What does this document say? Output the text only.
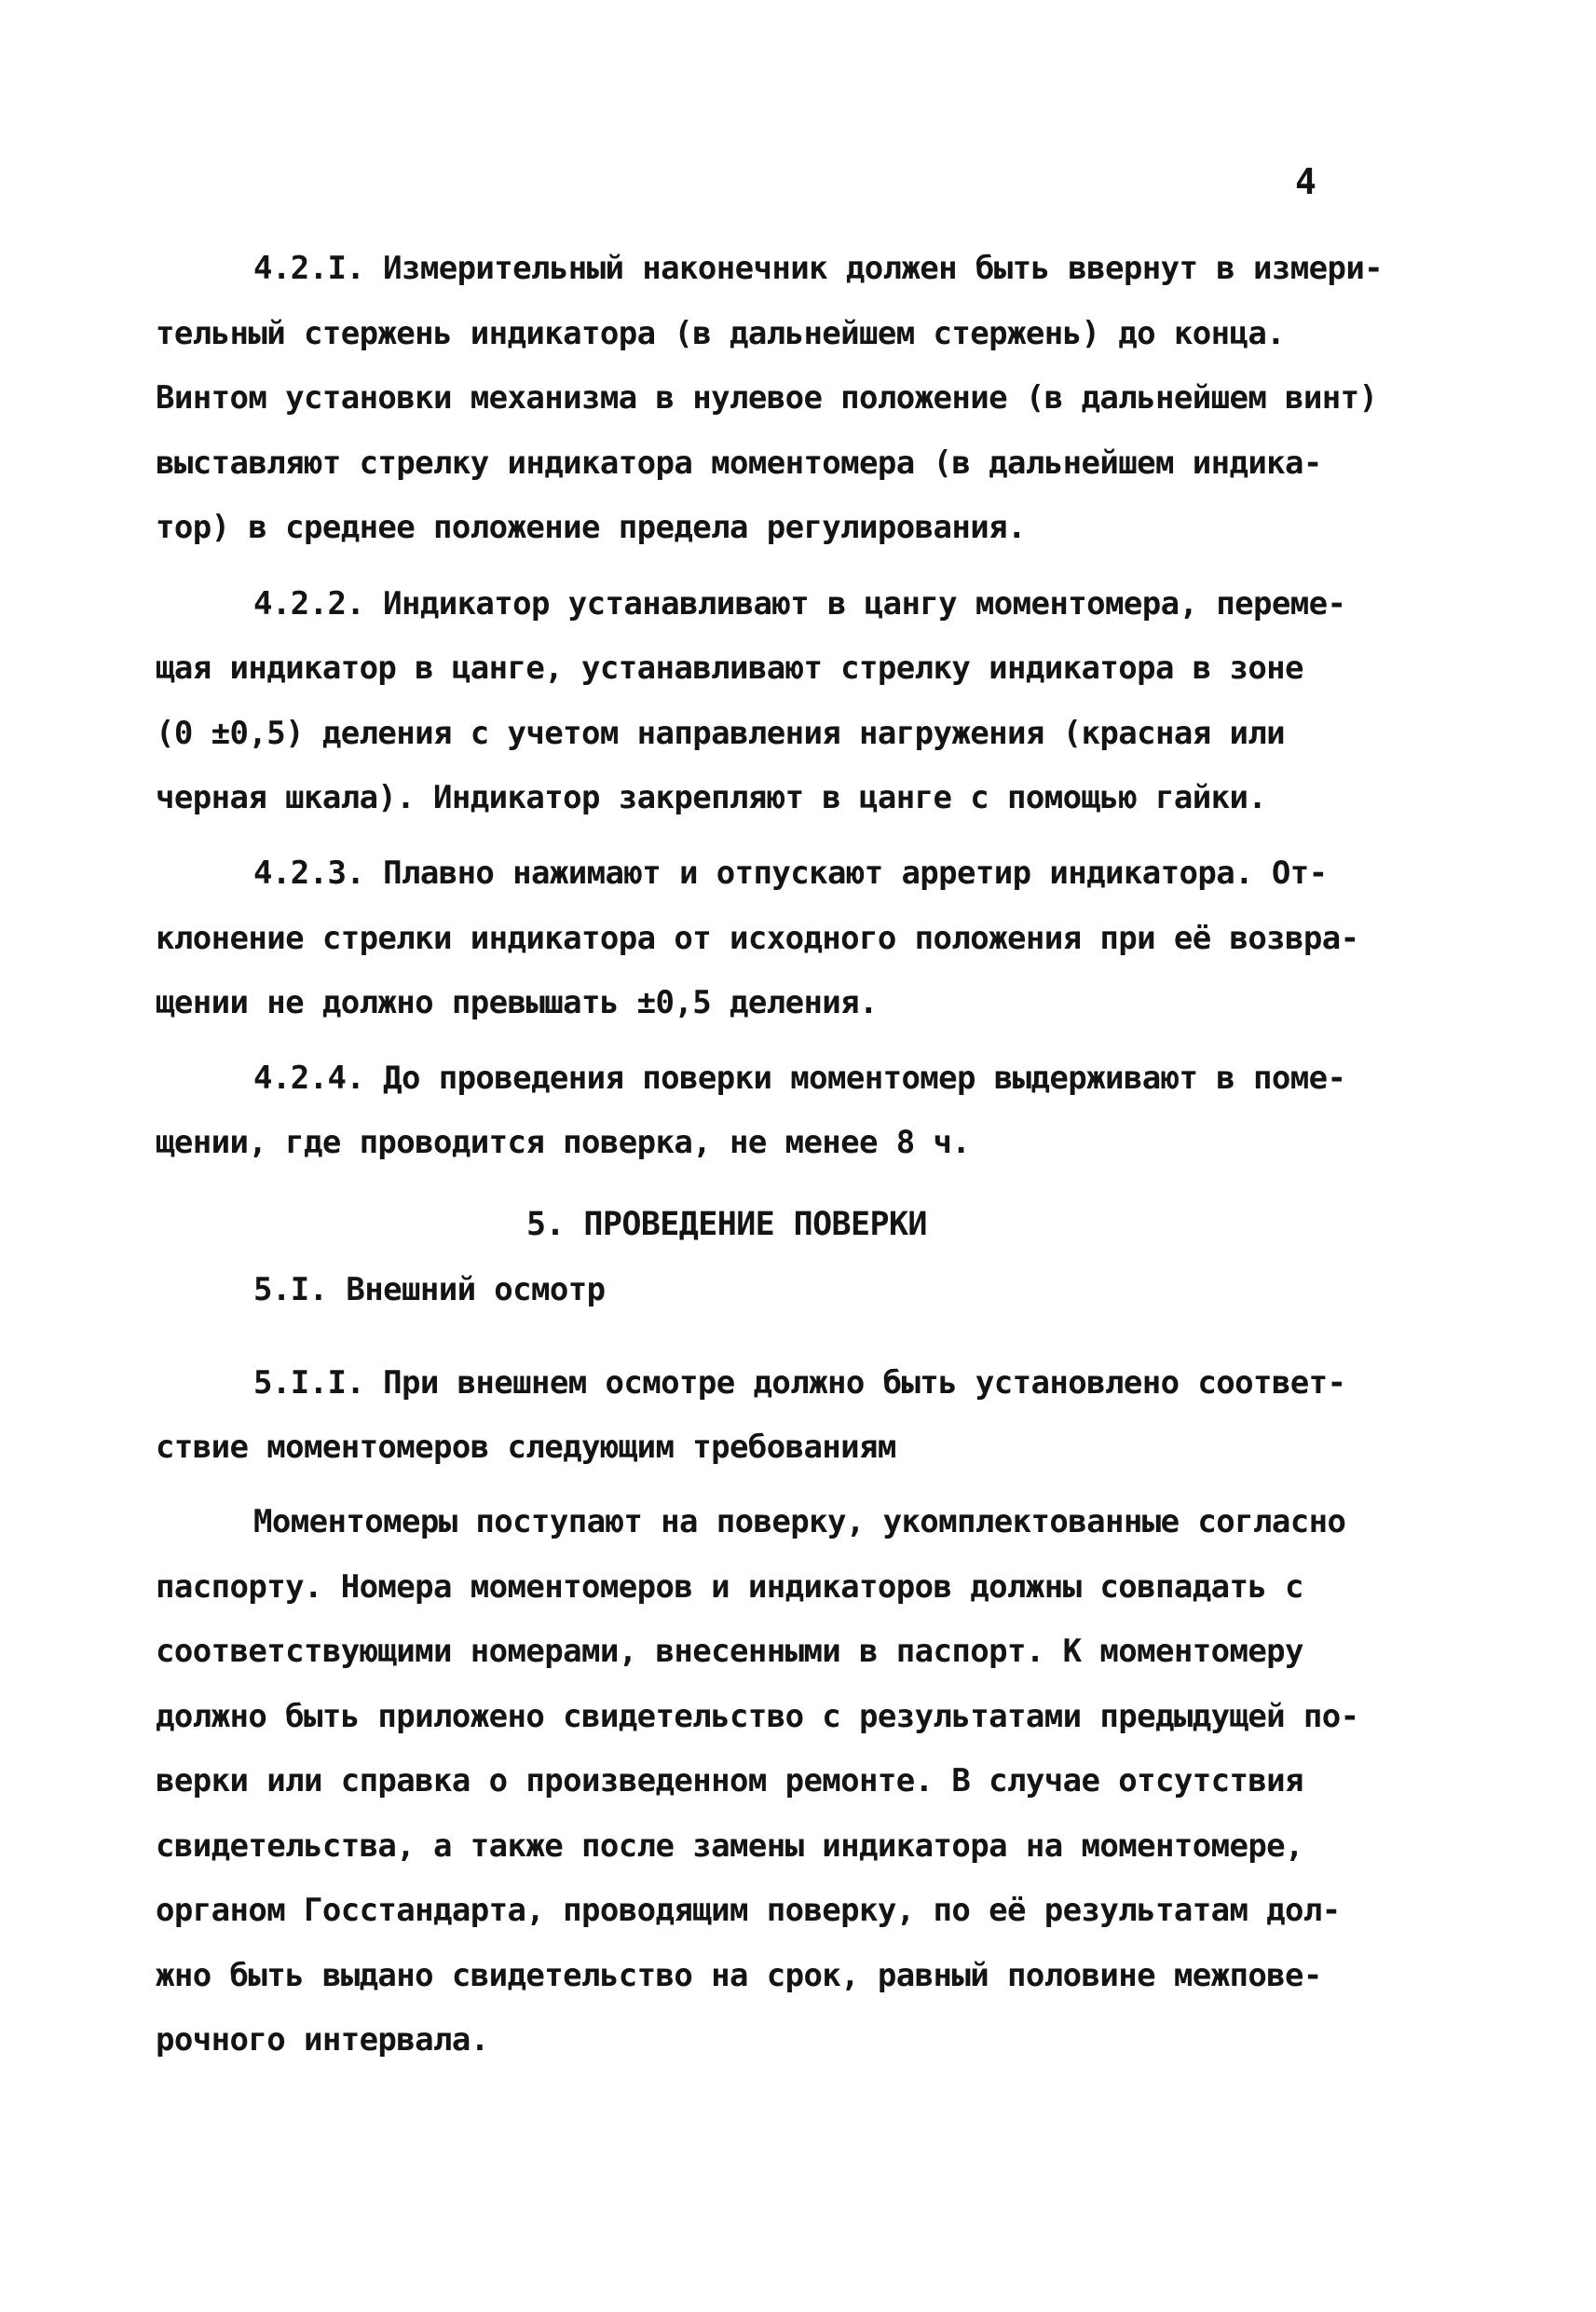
4
4.2.I. Измерительный наконечник должен быть ввернут в измери-
тельный стержень индикатора (в дальнейшем стержень) до конца.
Винтом установки механизма в нулевое положение (в дальнейшем винт)
выставляют стрелку индикатора моментомера (в дальнейшем индика-
тор) в среднее положение предела регулирования.
4.2.2. Индикатор устанавливают в цангу моментомера, переме-
щая индикатор в цанге, устанавливают стрелку индикатора в зоне
(0 ±0,5) деления с учетом направления нагружения (красная или
черная шкала). Индикатор закрепляют в цанге с помощью гайки.
4.2.3. Плавно нажимают и отпускают арретир индикатора. От-
клонение стрелки индикатора от исходного положения при её возвра-
щении не должно превышать ±0,5 деления.
4.2.4. До проведения поверки моментомер выдерживают в поме-
щении, где проводится поверка, не менее 8 ч.
5. ПРОВЕДЕНИЕ ПОВЕРКИ
5.I. Внешний осмотр
5.I.I. При внешнем осмотре должно быть установлено соответ-
ствие моментомеров следующим требованиям
Моментомеры поступают на поверку, укомплектованные согласно
паспорту. Номера моментомеров и индикаторов должны совпадать с
соответствующими номерами, внесенными в паспорт. К моментомеру
должно быть приложено свидетельство с результатами предыдущей по-
верки или справка о произведенном ремонте. В случае отсутствия
свидетельства, а также после замены индикатора на моментомере,
органом Госстандарта, проводящим поверку, по её результатам дол-
жно быть выдано свидетельство на срок, равный половине межпове-
рочного интервала.
